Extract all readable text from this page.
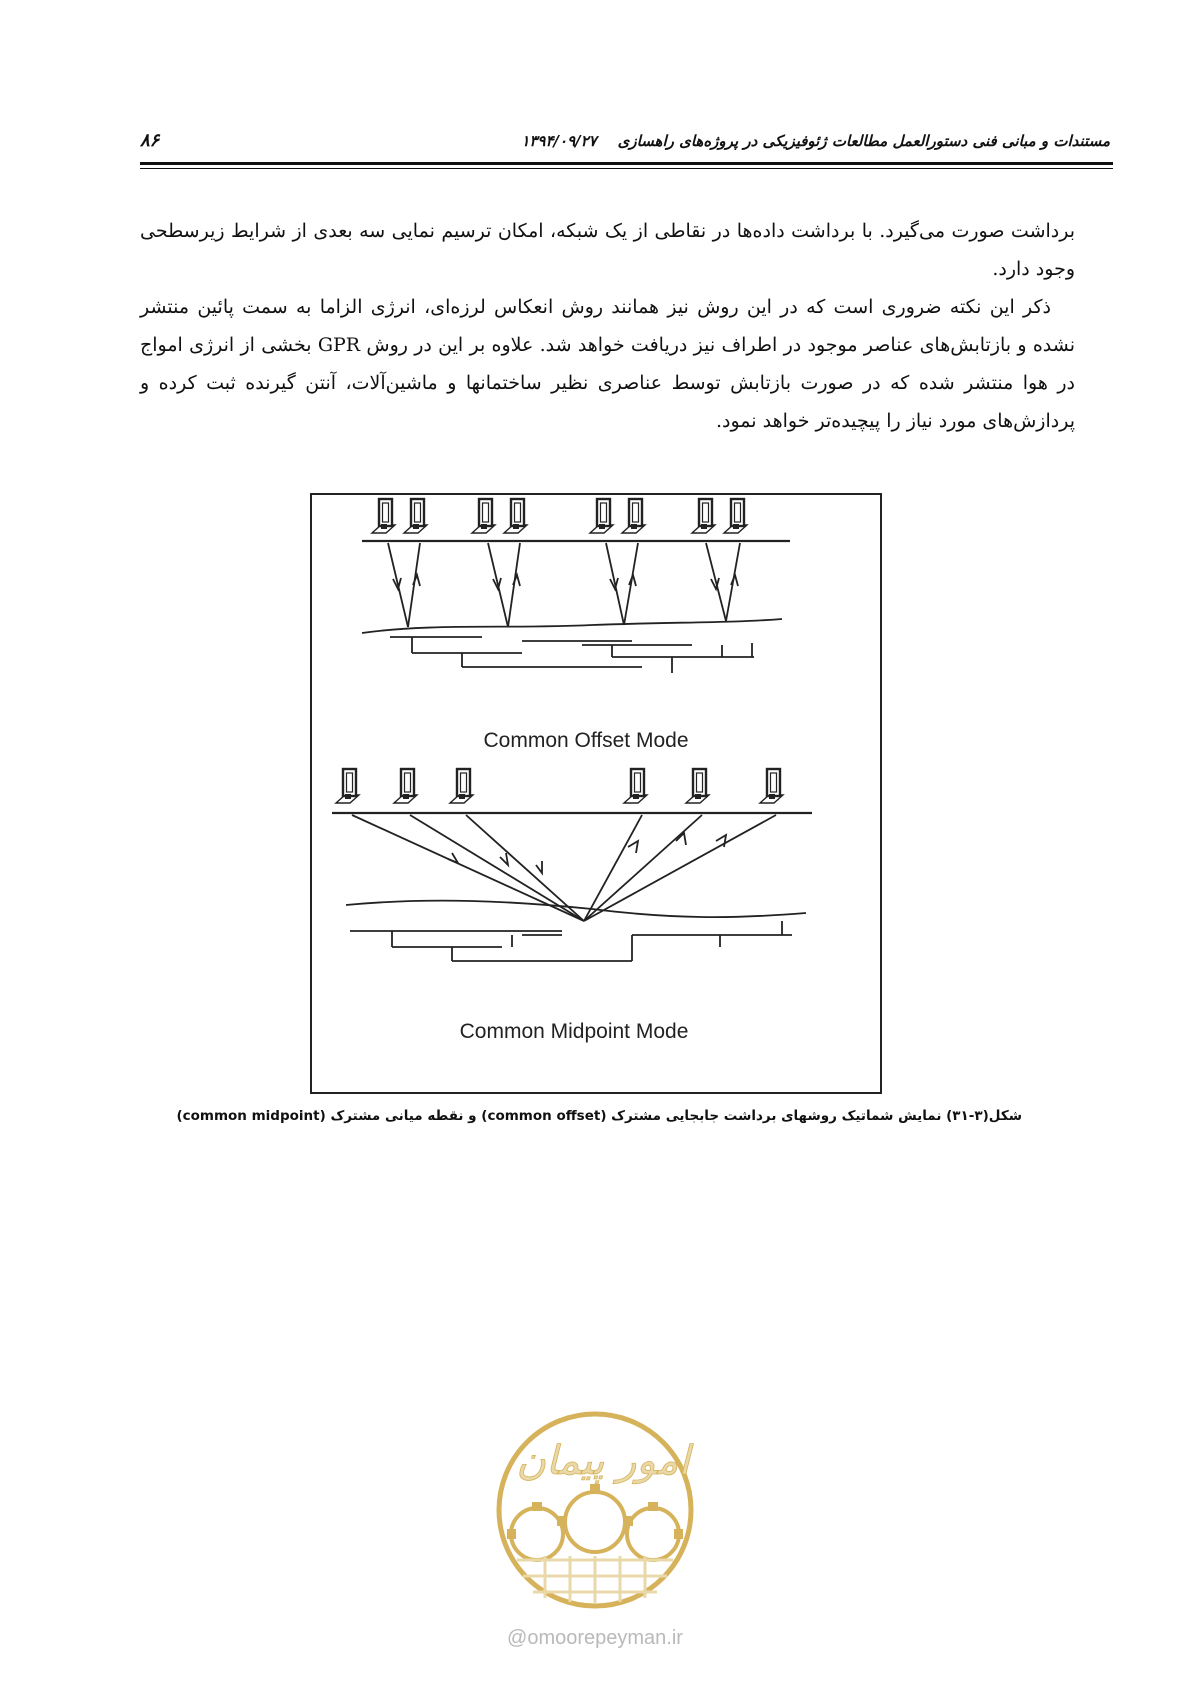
مستندات و مبانی فنی دستورالعمل مطالعات ژئوفیزیکی در پروژه‌های راهسازی    ۱۳۹۴/۰۹/۲۷
۸۶

برداشت صورت می‌گیرد. با برداشت داده‌ها در نقاطی از یک شبکه، امکان ترسیم نمایی سه بعدی از شرایط زیرسطحی وجود دارد.

ذکر این نکته ضروری است که در این روش نیز همانند روش انعکاس لرزه‌ای، انرژی الزاما به سمت پائین منتشر نشده و بازتابش‌های عناصر موجود در اطراف نیز دریافت خواهد شد. علاوه بر این در روش GPR بخشی از انرژی امواج در هوا منتشر شده که در صورت بازتابش توسط عناصری نظیر ساختمانها و ماشین‌آلات، آنتن گیرنده ثبت کرده و پردازش‌های مورد نیاز را پیچیده‌تر خواهد نمود.

Common Offset Mode
Common Midpoint Mode
شکل(۳-۳۱) نمایش شماتیک روشهای برداشت جابجایی مشترک (common offset) و نقطه میانی مشترک (common midpoint)
امور پیمان
@omoorepeyman.ir
